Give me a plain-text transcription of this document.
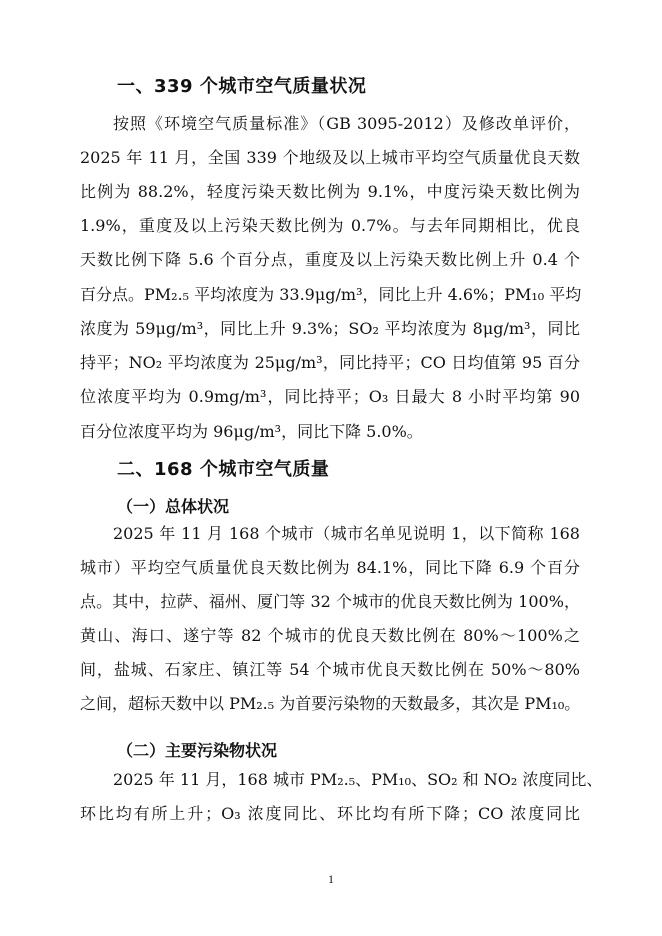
一、339 个城市空气质量状况
按照《环境空气质量标准》（GB 3095-2012）及修改单评价，
2025 年 11 月，全国 339 个地级及以上城市平均空气质量优良天数
比例为 88.2%，轻度污染天数比例为 9.1%，中度污染天数比例为
1.9%，重度及以上污染天数比例为 0.7%。与去年同期相比，优良
天数比例下降 5.6 个百分点，重度及以上污染天数比例上升 0.4 个
百分点。PM₂.₅ 平均浓度为 33.9μg/m³，同比上升 4.6%；PM₁₀ 平均
浓度为 59μg/m³，同比上升 9.3%；SO₂ 平均浓度为 8μg/m³，同比
持平；NO₂ 平均浓度为 25μg/m³，同比持平；CO 日均值第 95 百分
位浓度平均为 0.9mg/m³，同比持平；O₃ 日最大 8 小时平均第 90
百分位浓度平均为 96μg/m³，同比下降 5.0%。
二、168 个城市空气质量
（一）总体状况
2025 年 11 月 168 个城市（城市名单见说明 1，以下简称 168
城市）平均空气质量优良天数比例为 84.1%，同比下降 6.9 个百分
点。其中，拉萨、福州、厦门等 32 个城市的优良天数比例为 100%，
黄山、海口、遂宁等 82 个城市的优良天数比例在 80%～100%之
间，盐城、石家庄、镇江等 54 个城市优良天数比例在 50%～80%
之间，超标天数中以 PM₂.₅ 为首要污染物的天数最多，其次是 PM₁₀。
（二）主要污染物状况
2025 年 11 月，168 城市 PM₂.₅、PM₁₀、SO₂ 和 NO₂ 浓度同比、
环比均有所上升；O₃ 浓度同比、环比均有所下降；CO 浓度同比
1
